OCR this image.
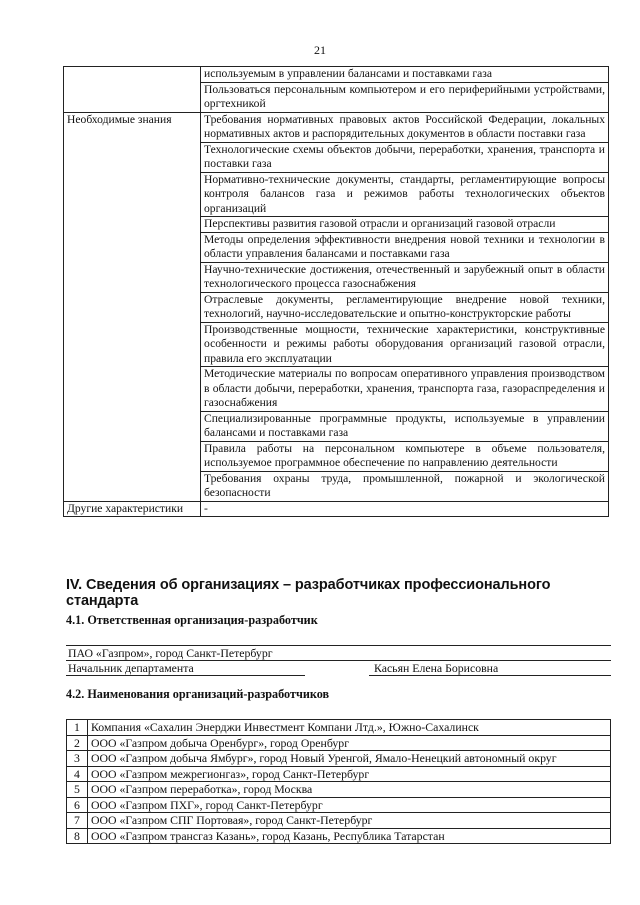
21
	используемым в управлении балансами и поставками газа
	Пользоваться персональным компьютером и его периферийными устройствами, оргтехникой
Необходимые знания	Требования нормативных правовых актов Российской Федерации, локальных нормативных актов и распорядительных документов в области поставки газа
	Технологические схемы объектов добычи, переработки, хранения, транспорта и поставки газа
	Нормативно-технические документы, стандарты, регламентирующие вопросы контроля балансов газа и режимов работы технологических объектов организаций
	Перспективы развития газовой отрасли и организаций газовой отрасли
	Методы определения эффективности внедрения новой техники и технологии в области управления балансами и поставками газа
	Научно-технические достижения, отечественный и зарубежный опыт в области технологического процесса газоснабжения
	Отраслевые документы, регламентирующие внедрение новой техники, технологий, научно-исследовательские и опытно-конструкторские работы
	Производственные мощности, технические характеристики, конструктивные особенности и режимы работы оборудования организаций газовой отрасли, правила его эксплуатации
	Методические материалы по вопросам оперативного управления производством в области добычи, переработки, хранения, транспорта газа, газораспределения и газоснабжения
	Специализированные программные продукты, используемые в управлении балансами и поставками газа
	Правила работы на персональном компьютере в объеме пользователя, используемое программное обеспечение по направлению деятельности
	Требования охраны труда, промышленной, пожарной и экологической безопасности
Другие характеристики	-
IV. Сведения об организациях – разработчиках профессионального стандарта
4.1. Ответственная организация-разработчик
ПАО «Газпром», город Санкт-Петербург
Начальник департамента		Касьян Елена Борисовна
4.2. Наименования организаций-разработчиков
1	Компания «Сахалин Энерджи Инвестмент Компани Лтд.», Южно-Сахалинск
2	ООО «Газпром добыча Оренбург», город Оренбург
3	ООО «Газпром добыча Ямбург», город Новый Уренгой, Ямало-Ненецкий автономный округ
4	ООО «Газпром межрегионгаз», город Санкт-Петербург
5	ООО «Газпром переработка», город Москва
6	ООО «Газпром ПХГ», город Санкт-Петербург
7	ООО «Газпром СПГ Портовая», город Санкт-Петербург
8	ООО «Газпром трансгаз Казань», город Казань, Республика Татарстан
